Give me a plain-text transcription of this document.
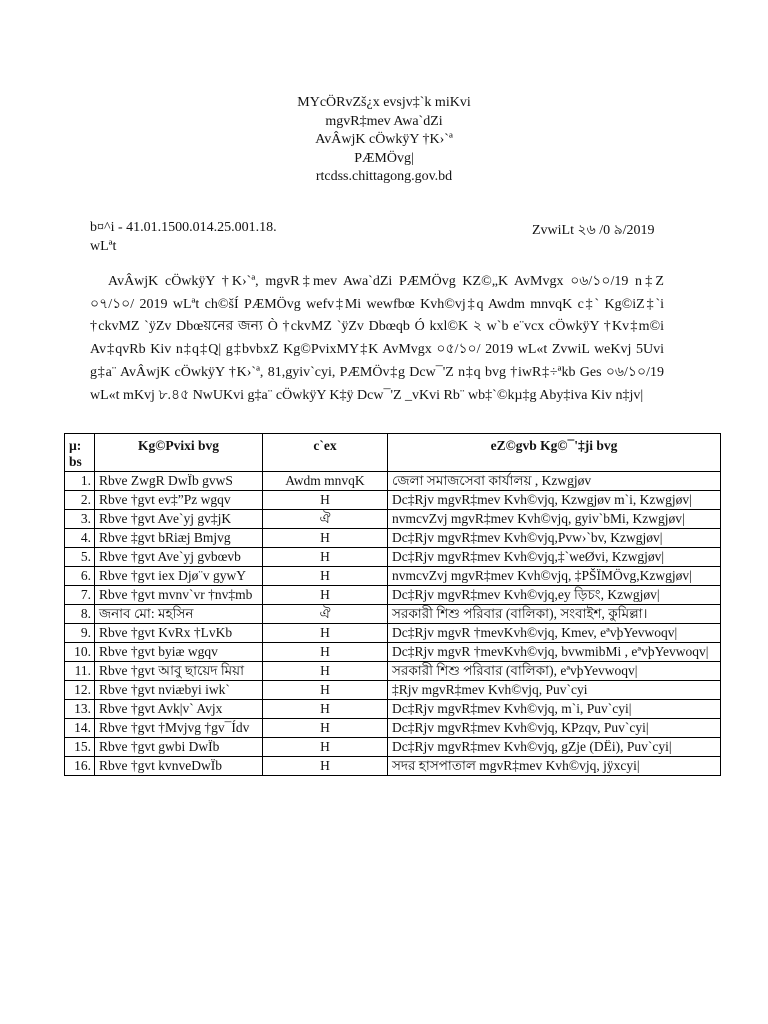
MYcÖRvZš¿x evsjv‡`k miKvi
mgvR‡mev Awa`dZi
AvÂwjK cÖwkÿY †K›`ª
PÆMÖvg|
rtcdss.chittagong.gov.bd
b¤^i - 41.01.1500.014.25.001.18.
wLªt
ZvwiLt ২৬ /0 ৯/2019
AvÂwjK cÖwkÿY †K›`ª, mgvR‡mev Awa`dZi PÆMÖvg KZ©„K AvMvgx ০৬/১০/19 n‡Z ০৭/১০/ 2019 wLªt ch©šÍ PÆMÖvg wefv‡Mi wewfbœ Kvh©vj‡q Awdm mnvqK c‡` Kg©iZ‡`i †ckvMZ `ÿZv Dbœয়নের জন্য Ò †ckvMZ `ÿZv Dbœqb Ó kxl©K ২ w`b e¨vcx cÖwkÿY †Kv‡m©i Av‡qvRb Kiv n‡q‡Q| g‡bvbxZ Kg©PvixMY‡K AvMvgx ০৫/১০/ 2019 wL«t ZvwiL weKvj 5Uvi g‡a¨ AvÂwjK cÖwkÿY †K›`ª, 81,gyiv`cyi, PÆMÖv‡g Dcw¯'Z n‡q bvg †iwR‡÷ªkb Ges ০৬/১০/19 wL«t mKvj ৮.৪৫ NwUKvi g‡a¨ cÖwkÿY K‡ÿ Dcw¯'Z _vKvi Rb¨ wb‡`©kµ‡g Aby‡iva Kiv n‡jv|
µ: bs	Kg©Pvixi bvg	c`ex	eZ©gvb Kg©¯'‡ji bvg
1.	Rbve ZwgR DwÏb gvwS	Awdm mnvqK	জেলা সমাজসেবা কার্যালয় , Kzwgjøv
2.	Rbve †gvt ev‡”Pz wgqv	H	Dc‡Rjv mgvR‡mev Kvh©vjq, Kzwgjøv m`i, Kzwgjøv|
3.	Rbve †gvt Ave`yj gv‡jK	ঐ	nvmcvZvj mgvR‡mev Kvh©vjq, gyiv`bMi, Kzwgjøv|
4.	Rbve ‡gvt bRiæj Bmjvg	H	Dc‡Rjv mgvR‡mev Kvh©vjq,Pvw›`bv, Kzwgjøv|
5.	Rbve †gvt Ave`yj gvbœvb	H	Dc‡Rjv mgvR‡mev Kvh©vjq,‡`weØvi, Kzwgjøv|
6.	Rbve †gvt iex Djø¨v gywY	H	nvmcvZvj mgvR‡mev Kvh©vjq, ‡PŠÏMÖvg,Kzwgjøv|
7.	Rbve †gvt mvnv`vr †nv‡mb	H	Dc‡Rjv mgvR‡mev Kvh©vjq,ey ড়িচং, Kzwgjøv|
8.	জনাব মো: মহসিন	ঐ	সরকারী শিশু পরিবার (বালিকা), সংবাইশ, কুমিল্লা।
9.	Rbve †gvt KvRx †LvKb	H	Dc‡Rjv mgvR †mevKvh©vjq, Kmev, eªvþYevwoqv|
10.	Rbve †gvt byiæ wgqv	H	Dc‡Rjv mgvR †mevKvh©vjq, bvwmibMi , eªvþYevwoqv|
11.	Rbve †gvt আবু ছায়েদ মিয়া	H	সরকারী শিশু পরিবার (বালিকা), eªvþYevwoqv|
12.	Rbve †gvt nviæbyi iwk`	H	‡Rjv mgvR‡mev Kvh©vjq, Puv`cyi
13.	Rbve †gvt Avk|v` Avjx	H	Dc‡Rjv mgvR‡mev Kvh©vjq, m`i, Puv`cyi|
14.	Rbve †gvt †Mvjvg †gv¯Ídv	H	Dc‡Rjv mgvR‡mev Kvh©vjq, KPzqv, Puv`cyi|
15.	Rbve †gvt gwbi DwÏb	H	Dc‡Rjv mgvR‡mev Kvh©vjq, gZje (DËi), Puv`cyi|
16.	Rbve †gvt kvnveDwÏb	H	সদর হাসপাতাল mgvR‡mev Kvh©vjq, jÿxcyi|
